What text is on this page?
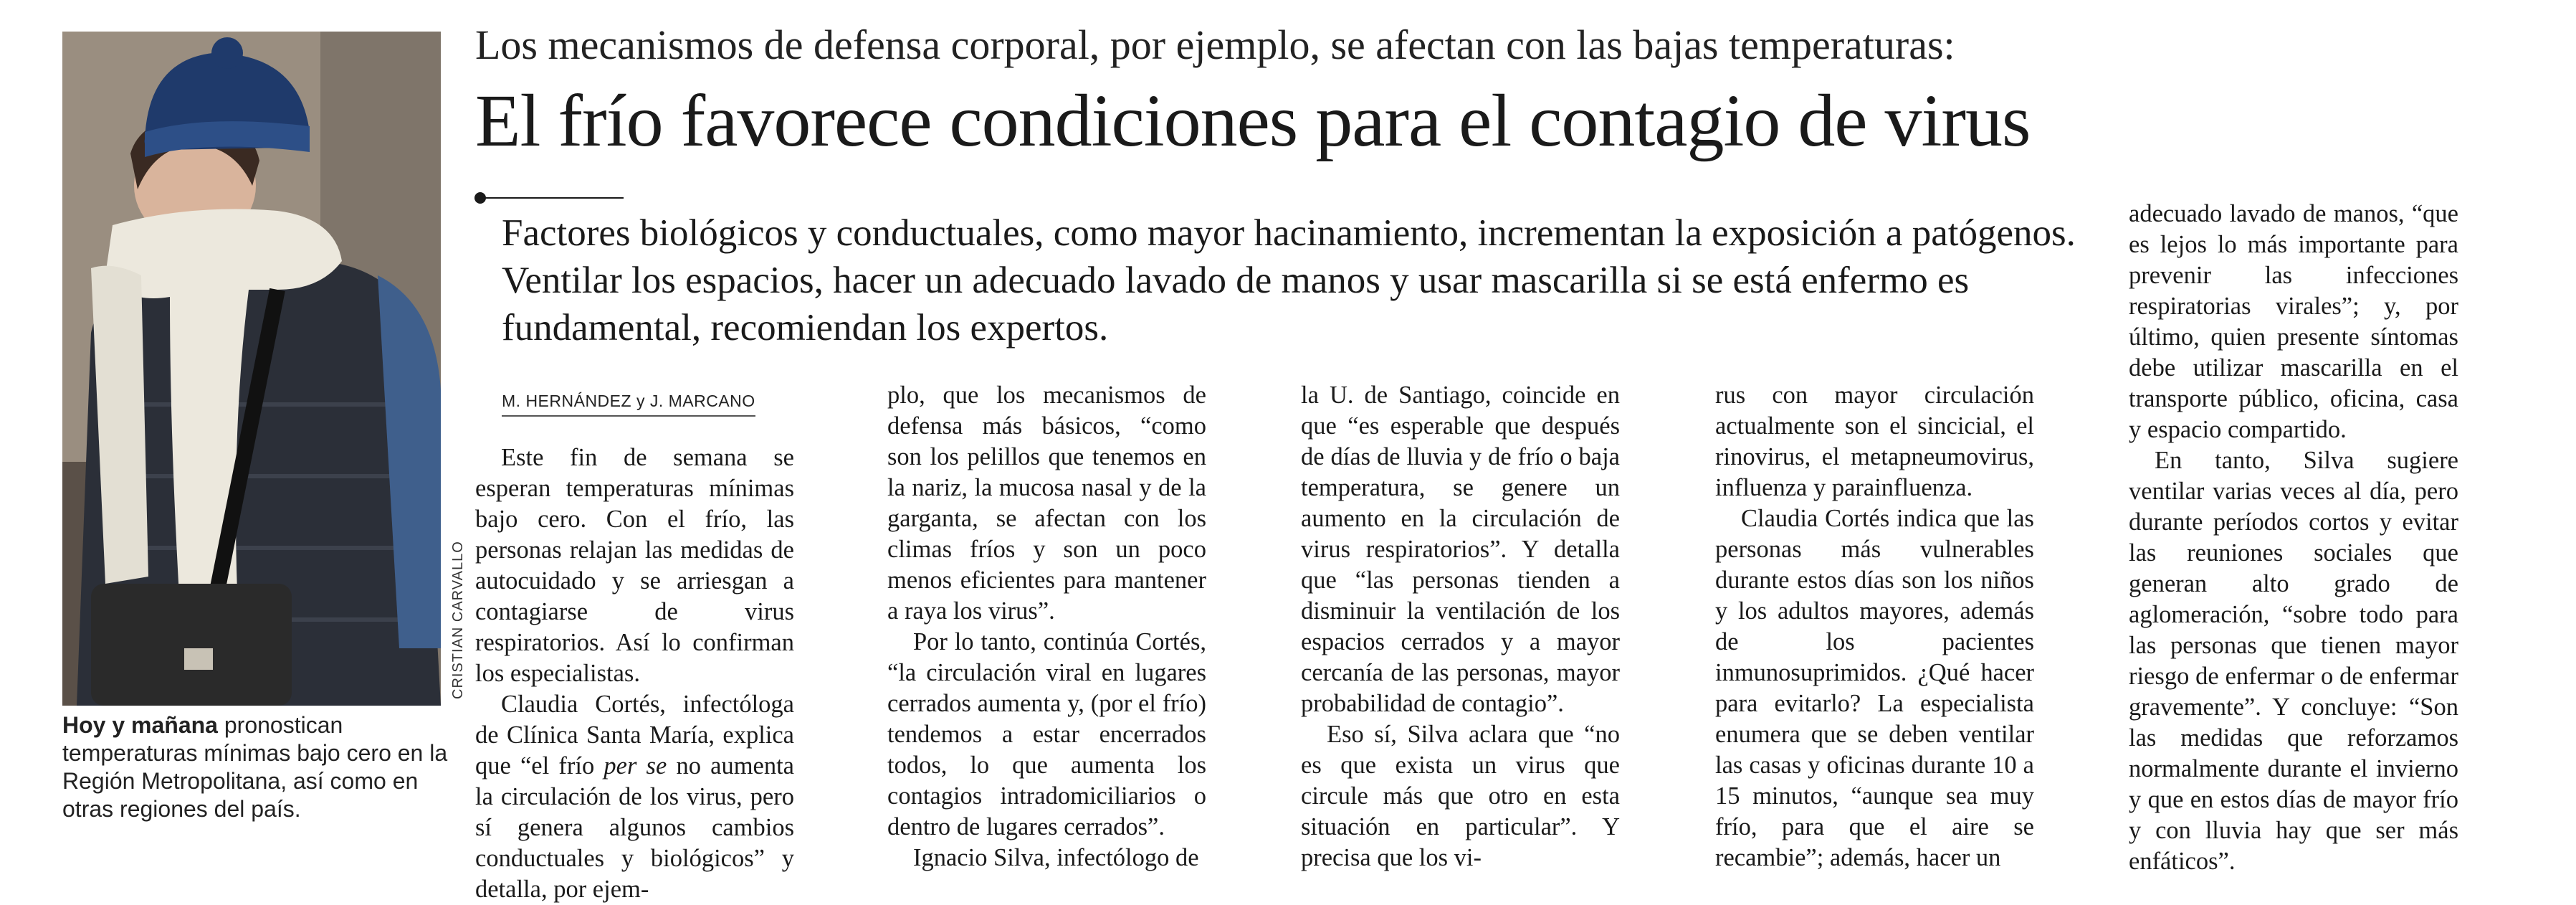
CRISTIAN CARVALLO
Hoy y mañana pronostican temperaturas mínimas bajo cero en la Región Metropolitana, así como en otras regiones del país.
Los mecanismos de defensa corporal, por ejemplo, se afectan con las bajas temperaturas:
El frío favorece condiciones para el contagio de virus
Factores biológicos y conductuales, como mayor hacinamiento, incrementan la exposición a patógenos. Ventilar los espacios, hacer un adecuado lavado de manos y usar mascarilla si se está enfermo es fundamental, recomiendan los expertos.
M. HERNÁNDEZ y J. MARCANO

Este fin de semana se esperan temperaturas mínimas bajo cero. Con el frío, las personas relajan las medidas de autocuidado y se arriesgan a contagiarse de virus respiratorios. Así lo confirman los especialistas.

Claudia Cortés, infectóloga de Clínica Santa María, explica que “el frío per se no aumenta la circulación de los virus, pero sí genera algunos cambios conductuales y biológicos” y detalla, por ejem-

plo, que los mecanismos de defensa más básicos, “como son los pelillos que tenemos en la nariz, la mucosa nasal y de la garganta, se afectan con los climas fríos y son un poco menos eficientes para mantener a raya los virus”.

Por lo tanto, continúa Cortés, “la circulación viral en lugares cerrados aumenta y, (por el frío) tendemos a estar encerrados todos, lo que aumenta los contagios intradomiciliarios o dentro de lugares cerrados”.

Ignacio Silva, infectólogo de

la U. de Santiago, coincide en que “es esperable que después de días de lluvia y de frío o baja temperatura, se genere un aumento en la circulación de virus respiratorios”. Y detalla que “las personas tienden a disminuir la ventilación de los espacios cerrados y a mayor cercanía de las personas, mayor probabilidad de contagio”.

Eso sí, Silva aclara que “no es que exista un virus que circule más que otro en esta situación en particular”. Y precisa que los vi-

rus con mayor circulación actualmente son el sincicial, el rinovirus, el metapneumovirus, influenza y parainfluenza.

Claudia Cortés indica que las personas más vulnerables durante estos días son los niños y los adultos mayores, además de los pacientes inmunosuprimidos. ¿Qué hacer para evitarlo? La especialista enumera que se deben ventilar las casas y oficinas durante 10 a 15 minutos, “aunque sea muy frío, para que el aire se recambie”; además, hacer un

adecuado lavado de manos, “que es lejos lo más importante para prevenir las infecciones respiratorias virales”; y, por último, quien presente síntomas debe utilizar mascarilla en el transporte público, oficina, casa y espacio compartido.

En tanto, Silva sugiere ventilar varias veces al día, pero durante períodos cortos y evitar las reuniones sociales que generan alto grado de aglomeración, “sobre todo para las personas que tienen mayor riesgo de enfermar o de enfermar gravemente”. Y concluye: “Son las medidas que reforzamos normalmente durante el invierno y que en estos días de mayor frío y con lluvia hay que ser más enfáticos”.
